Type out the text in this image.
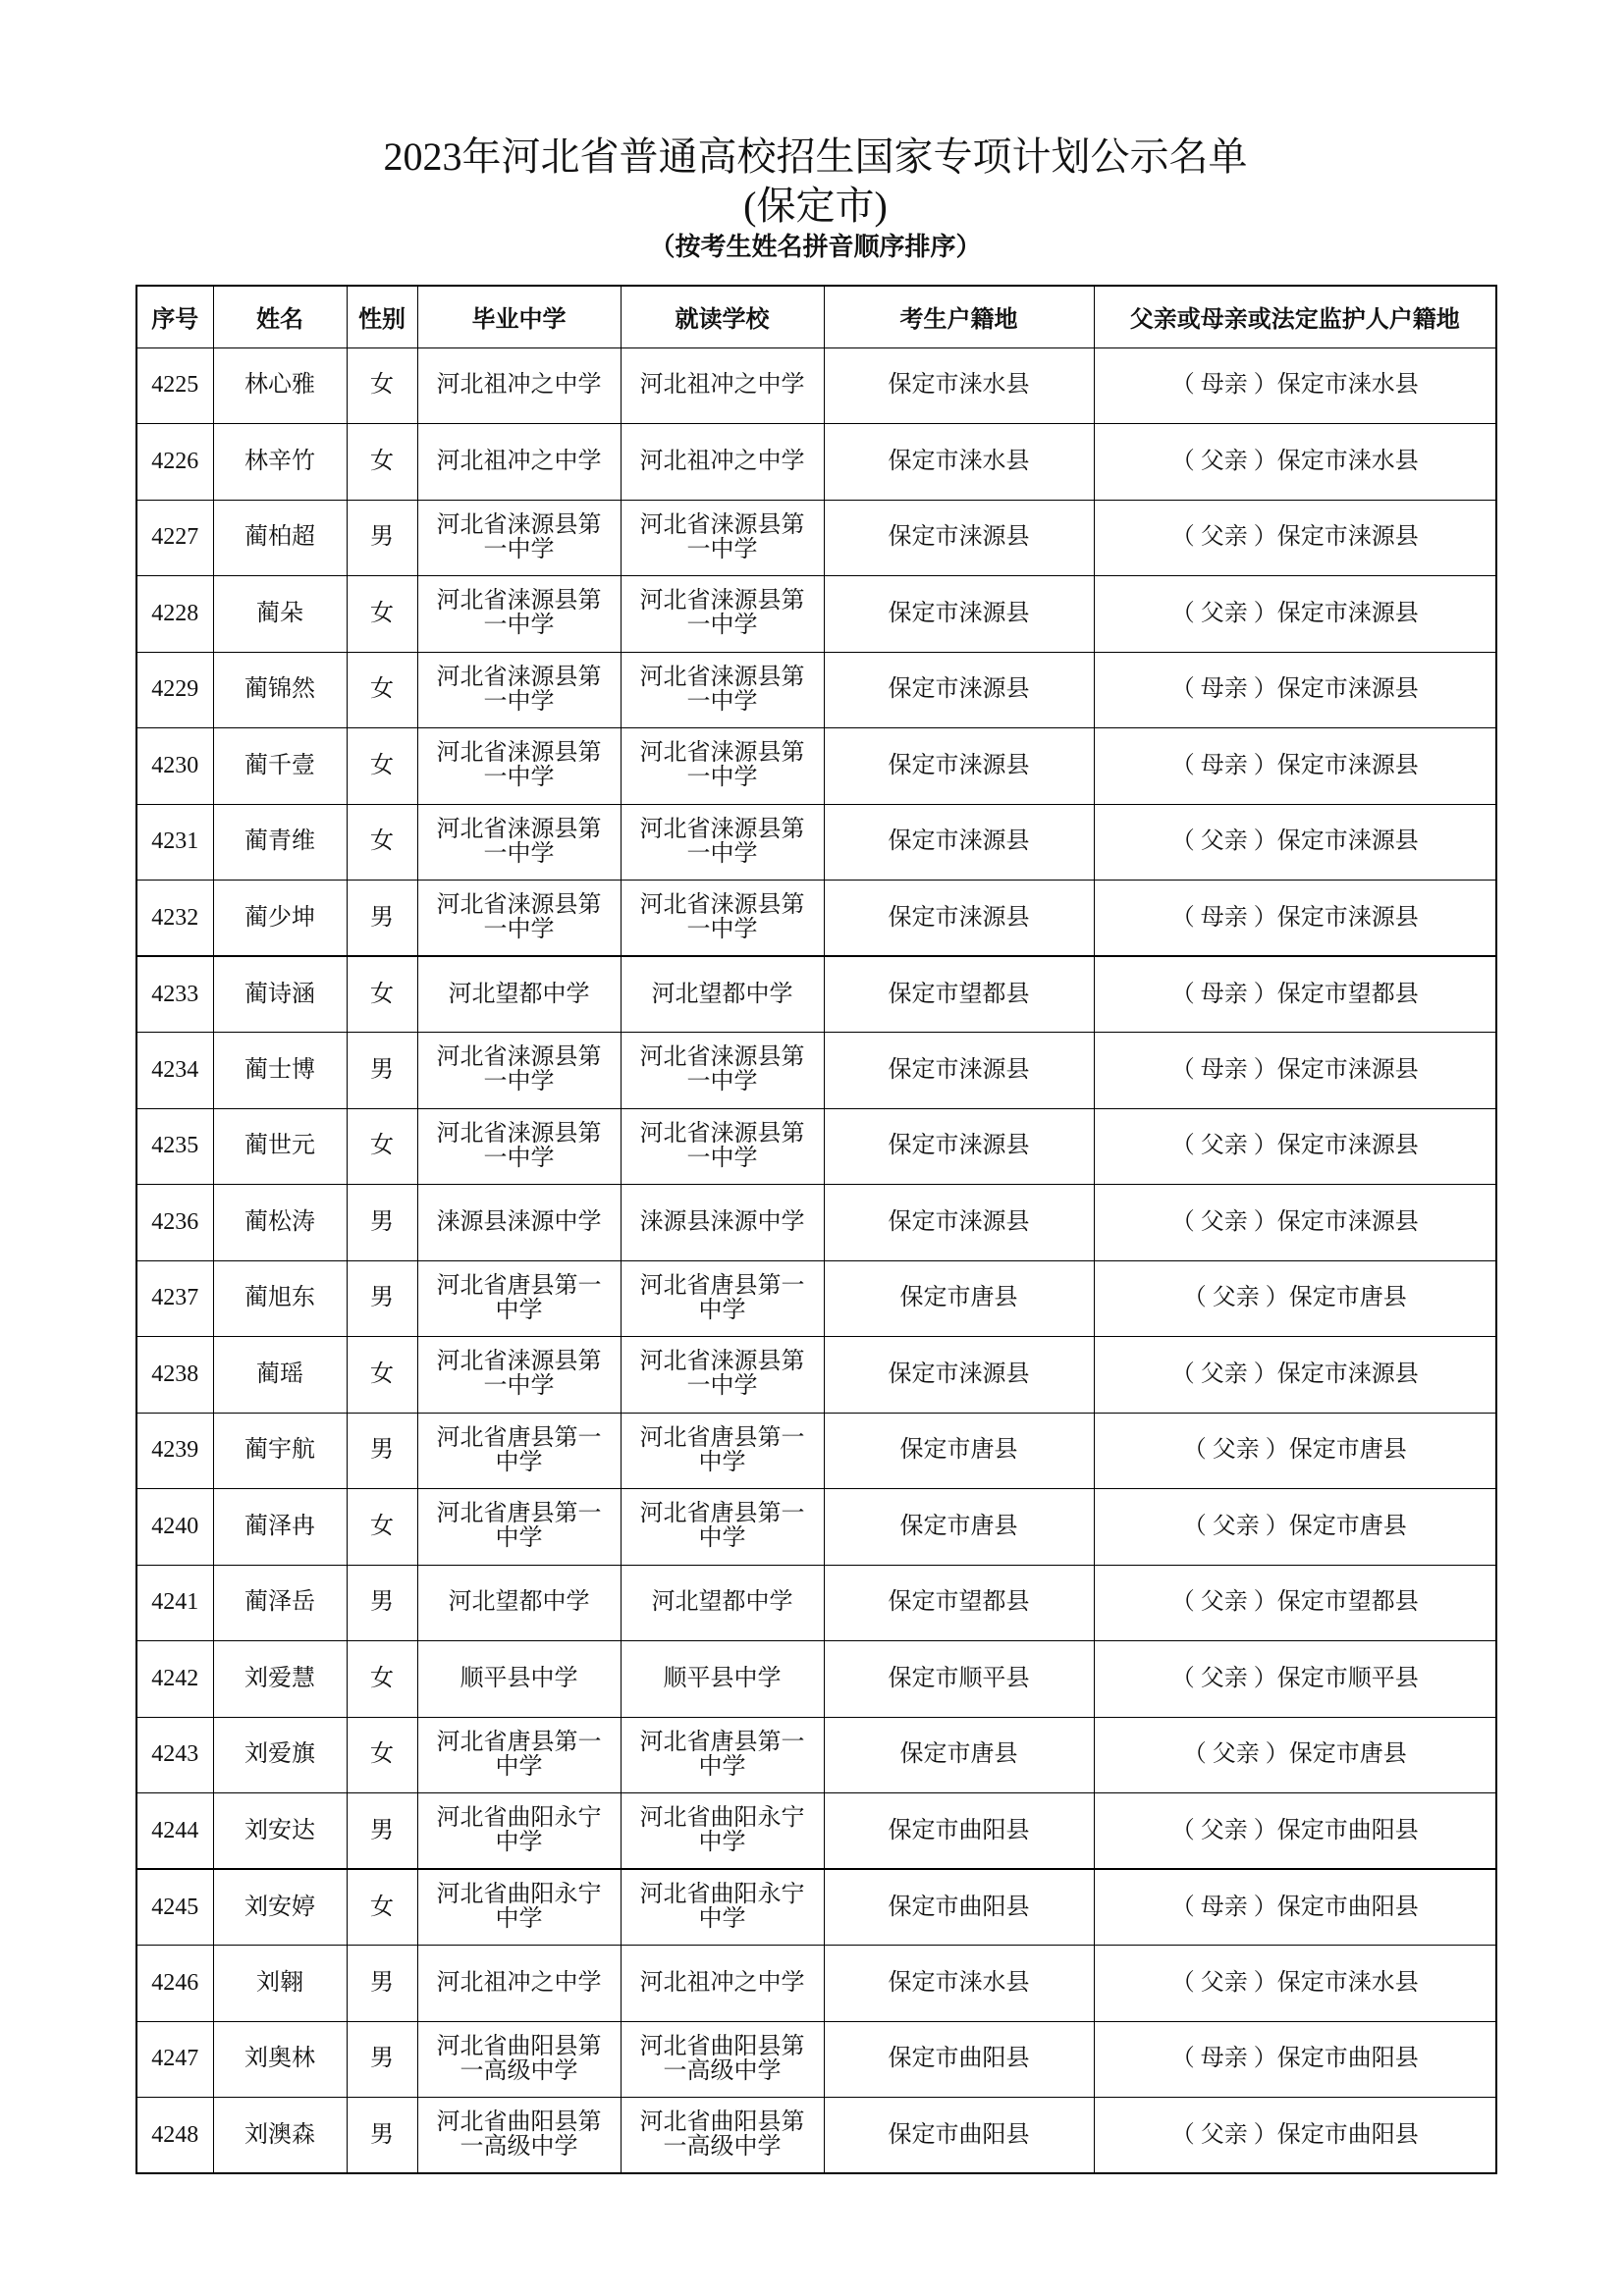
2023年河北省普通高校招生国家专项计划公示名单
(保定市)
（按考生姓名拼音顺序排序）
序号	姓名	性别	毕业中学	就读学校	考生户籍地	父亲或母亲或法定监护人户籍地

4225	林心雅	女	河北祖冲之中学	河北祖冲之中学	保定市涞水县	（ 母亲 ）保定市涞水县

4226	林辛竹	女	河北祖冲之中学	河北祖冲之中学	保定市涞水县	（ 父亲 ）保定市涞水县

4227	蔺柏超	男	河北省涞源县第一中学	河北省涞源县第一中学	保定市涞源县	（ 父亲 ）保定市涞源县

4228	蔺朵	女	河北省涞源县第一中学	河北省涞源县第一中学	保定市涞源县	（ 父亲 ）保定市涞源县

4229	蔺锦然	女	河北省涞源县第一中学	河北省涞源县第一中学	保定市涞源县	（ 母亲 ）保定市涞源县

4230	蔺千壹	女	河北省涞源县第一中学	河北省涞源县第一中学	保定市涞源县	（ 母亲 ）保定市涞源县

4231	蔺青维	女	河北省涞源县第一中学	河北省涞源县第一中学	保定市涞源县	（ 父亲 ）保定市涞源县

4232	蔺少坤	男	河北省涞源县第一中学	河北省涞源县第一中学	保定市涞源县	（ 母亲 ）保定市涞源县

4233	蔺诗涵	女	河北望都中学	河北望都中学	保定市望都县	（ 母亲 ）保定市望都县

4234	蔺士博	男	河北省涞源县第一中学	河北省涞源县第一中学	保定市涞源县	（ 母亲 ）保定市涞源县

4235	蔺世元	女	河北省涞源县第一中学	河北省涞源县第一中学	保定市涞源县	（ 父亲 ）保定市涞源县

4236	蔺松涛	男	涞源县涞源中学	涞源县涞源中学	保定市涞源县	（ 父亲 ）保定市涞源县

4237	蔺旭东	男	河北省唐县第一中学	河北省唐县第一中学	保定市唐县	（ 父亲 ）保定市唐县

4238	蔺瑶	女	河北省涞源县第一中学	河北省涞源县第一中学	保定市涞源县	（ 父亲 ）保定市涞源县

4239	蔺宇航	男	河北省唐县第一中学	河北省唐县第一中学	保定市唐县	（ 父亲 ）保定市唐县

4240	蔺泽冉	女	河北省唐县第一中学	河北省唐县第一中学	保定市唐县	（ 父亲 ）保定市唐县

4241	蔺泽岳	男	河北望都中学	河北望都中学	保定市望都县	（ 父亲 ）保定市望都县

4242	刘爱慧	女	顺平县中学	顺平县中学	保定市顺平县	（ 父亲 ）保定市顺平县

4243	刘爱旗	女	河北省唐县第一中学	河北省唐县第一中学	保定市唐县	（ 父亲 ）保定市唐县

4244	刘安达	男	河北省曲阳永宁中学	河北省曲阳永宁中学	保定市曲阳县	（ 父亲 ）保定市曲阳县

4245	刘安婷	女	河北省曲阳永宁中学	河北省曲阳永宁中学	保定市曲阳县	（ 母亲 ）保定市曲阳县

4246	刘翱	男	河北祖冲之中学	河北祖冲之中学	保定市涞水县	（ 父亲 ）保定市涞水县

4247	刘奥林	男	河北省曲阳县第一高级中学	河北省曲阳县第一高级中学	保定市曲阳县	（ 母亲 ）保定市曲阳县

4248	刘澳森	男	河北省曲阳县第一高级中学	河北省曲阳县第一高级中学	保定市曲阳县	（ 父亲 ）保定市曲阳县
